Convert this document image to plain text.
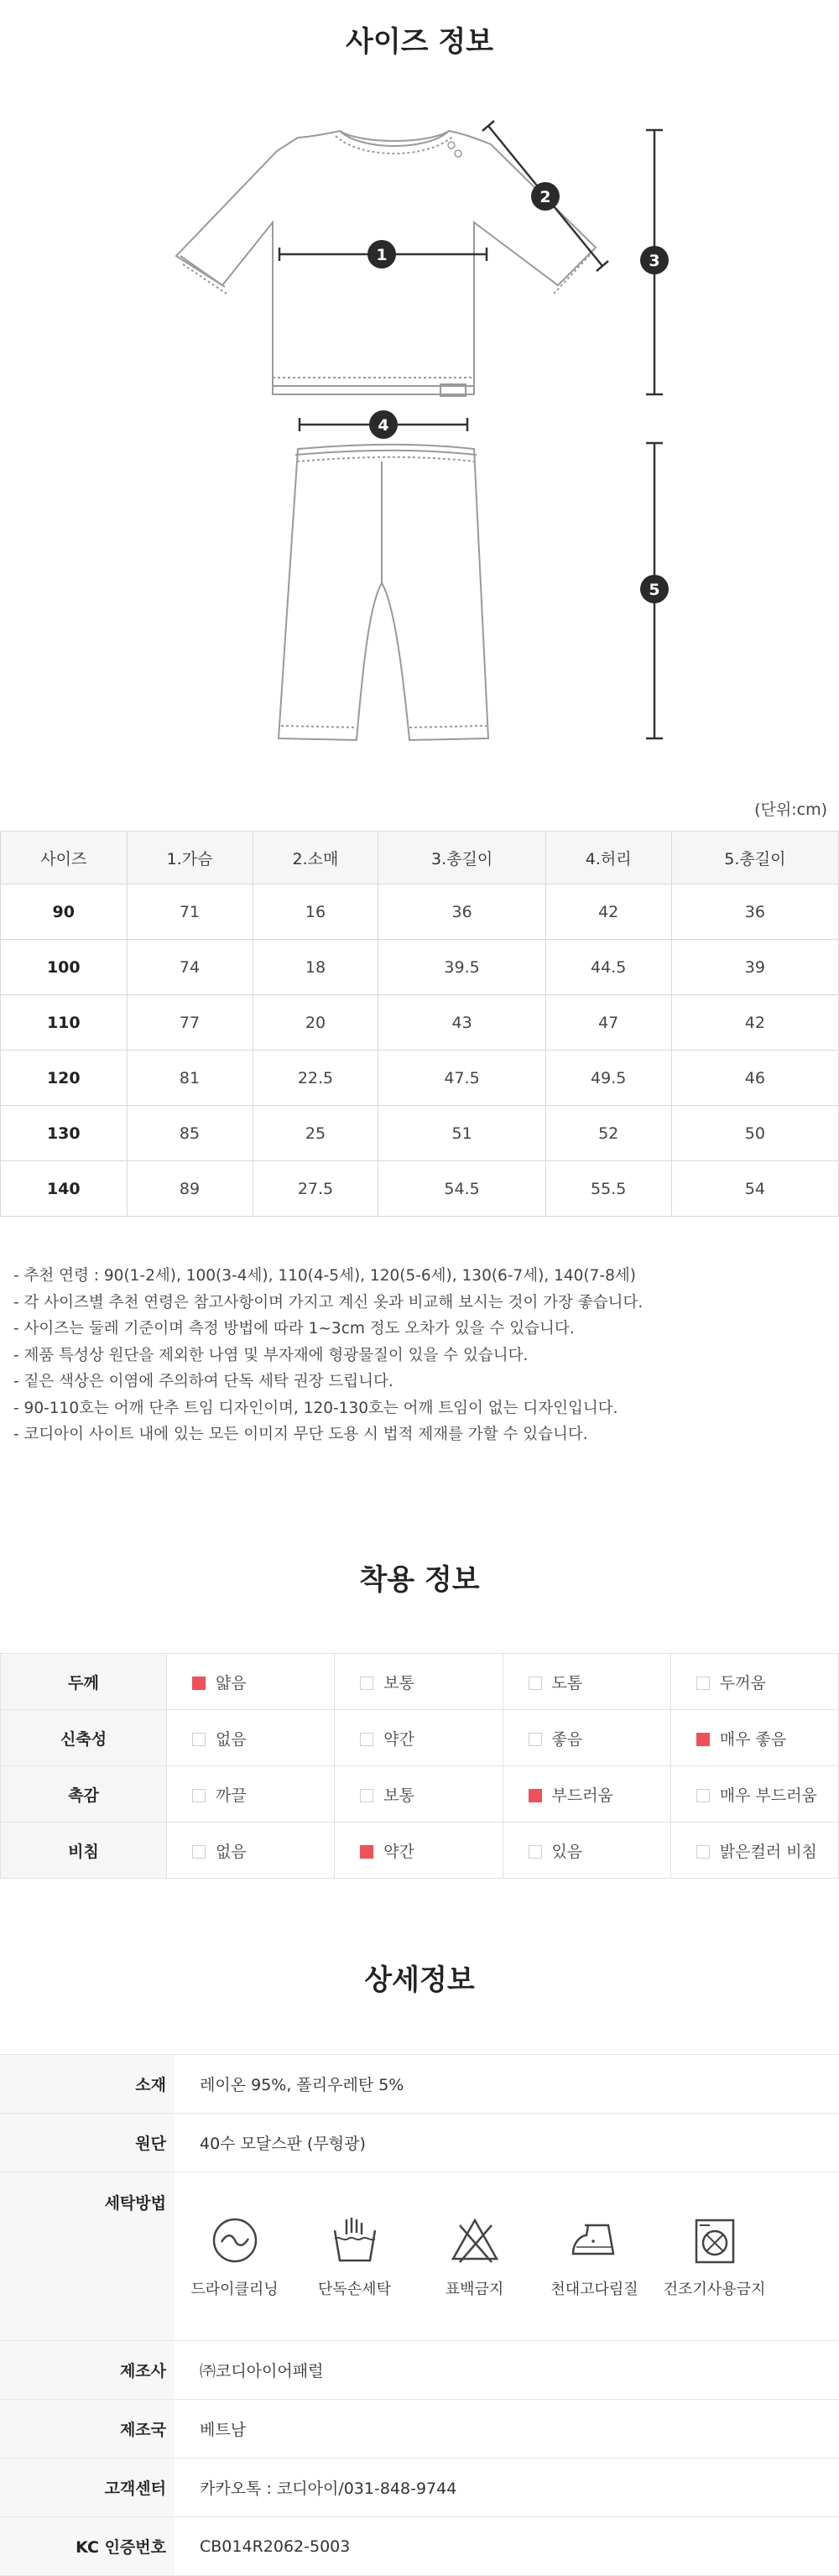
사이즈 정보
1
2
3
4
5
(단위:cm)
사이즈	1.가슴	2.소매	3.총길이	4.허리	5.총길이
90	71	16	36	42	36
100	74	18	39.5	44.5	39
110	77	20	43	47	42
120	81	22.5	47.5	49.5	46
130	85	25	51	52	50
140	89	27.5	54.5	55.5	54
- 추천 연령 : 90(1-2세), 100(3-4세), 110(4-5세), 120(5-6세), 130(6-7세), 140(7-8세)
- 각 사이즈별 추천 연령은 참고사항이며 가지고 계신 옷과 비교해 보시는 것이 가장 좋습니다.
- 사이즈는 둘레 기준이며 측정 방법에 따라 1~3cm 정도 오차가 있을 수 있습니다.
- 제품 특성상 원단을 제외한 나염 및 부자재에 형광물질이 있을 수 있습니다.
- 짙은 색상은 이염에 주의하여 단독 세탁 권장 드립니다.
- 90-110호는 어깨 단추 트임 디자인이며, 120-130호는 어깨 트임이 없는 디자인입니다.
- 코디아이 사이트 내에 있는 모든 이미지 무단 도용 시 법적 제재를 가할 수 있습니다.
착용 정보
두께	얇음	보통	도톰	두꺼움
신축성	없음	약간	좋음	매우 좋음
촉감	까끌	보통	부드러움	매우 부드러움
비침	없음	약간	있음	밝은컬러 비침
상세정보
소재	레이온 95%, 폴리우레탄 5%
원단	40수 모달스판 (무형광)
세탁방법	드라이클리닝 단독손세탁 표백금지 천대고다림질 건조기사용금지

제조사	㈜코디아이어패럴
제조국	베트남
고객센터	카카오톡 : 코디아이/031-848-9744
KC 인증번호	CB014R2062-5003
